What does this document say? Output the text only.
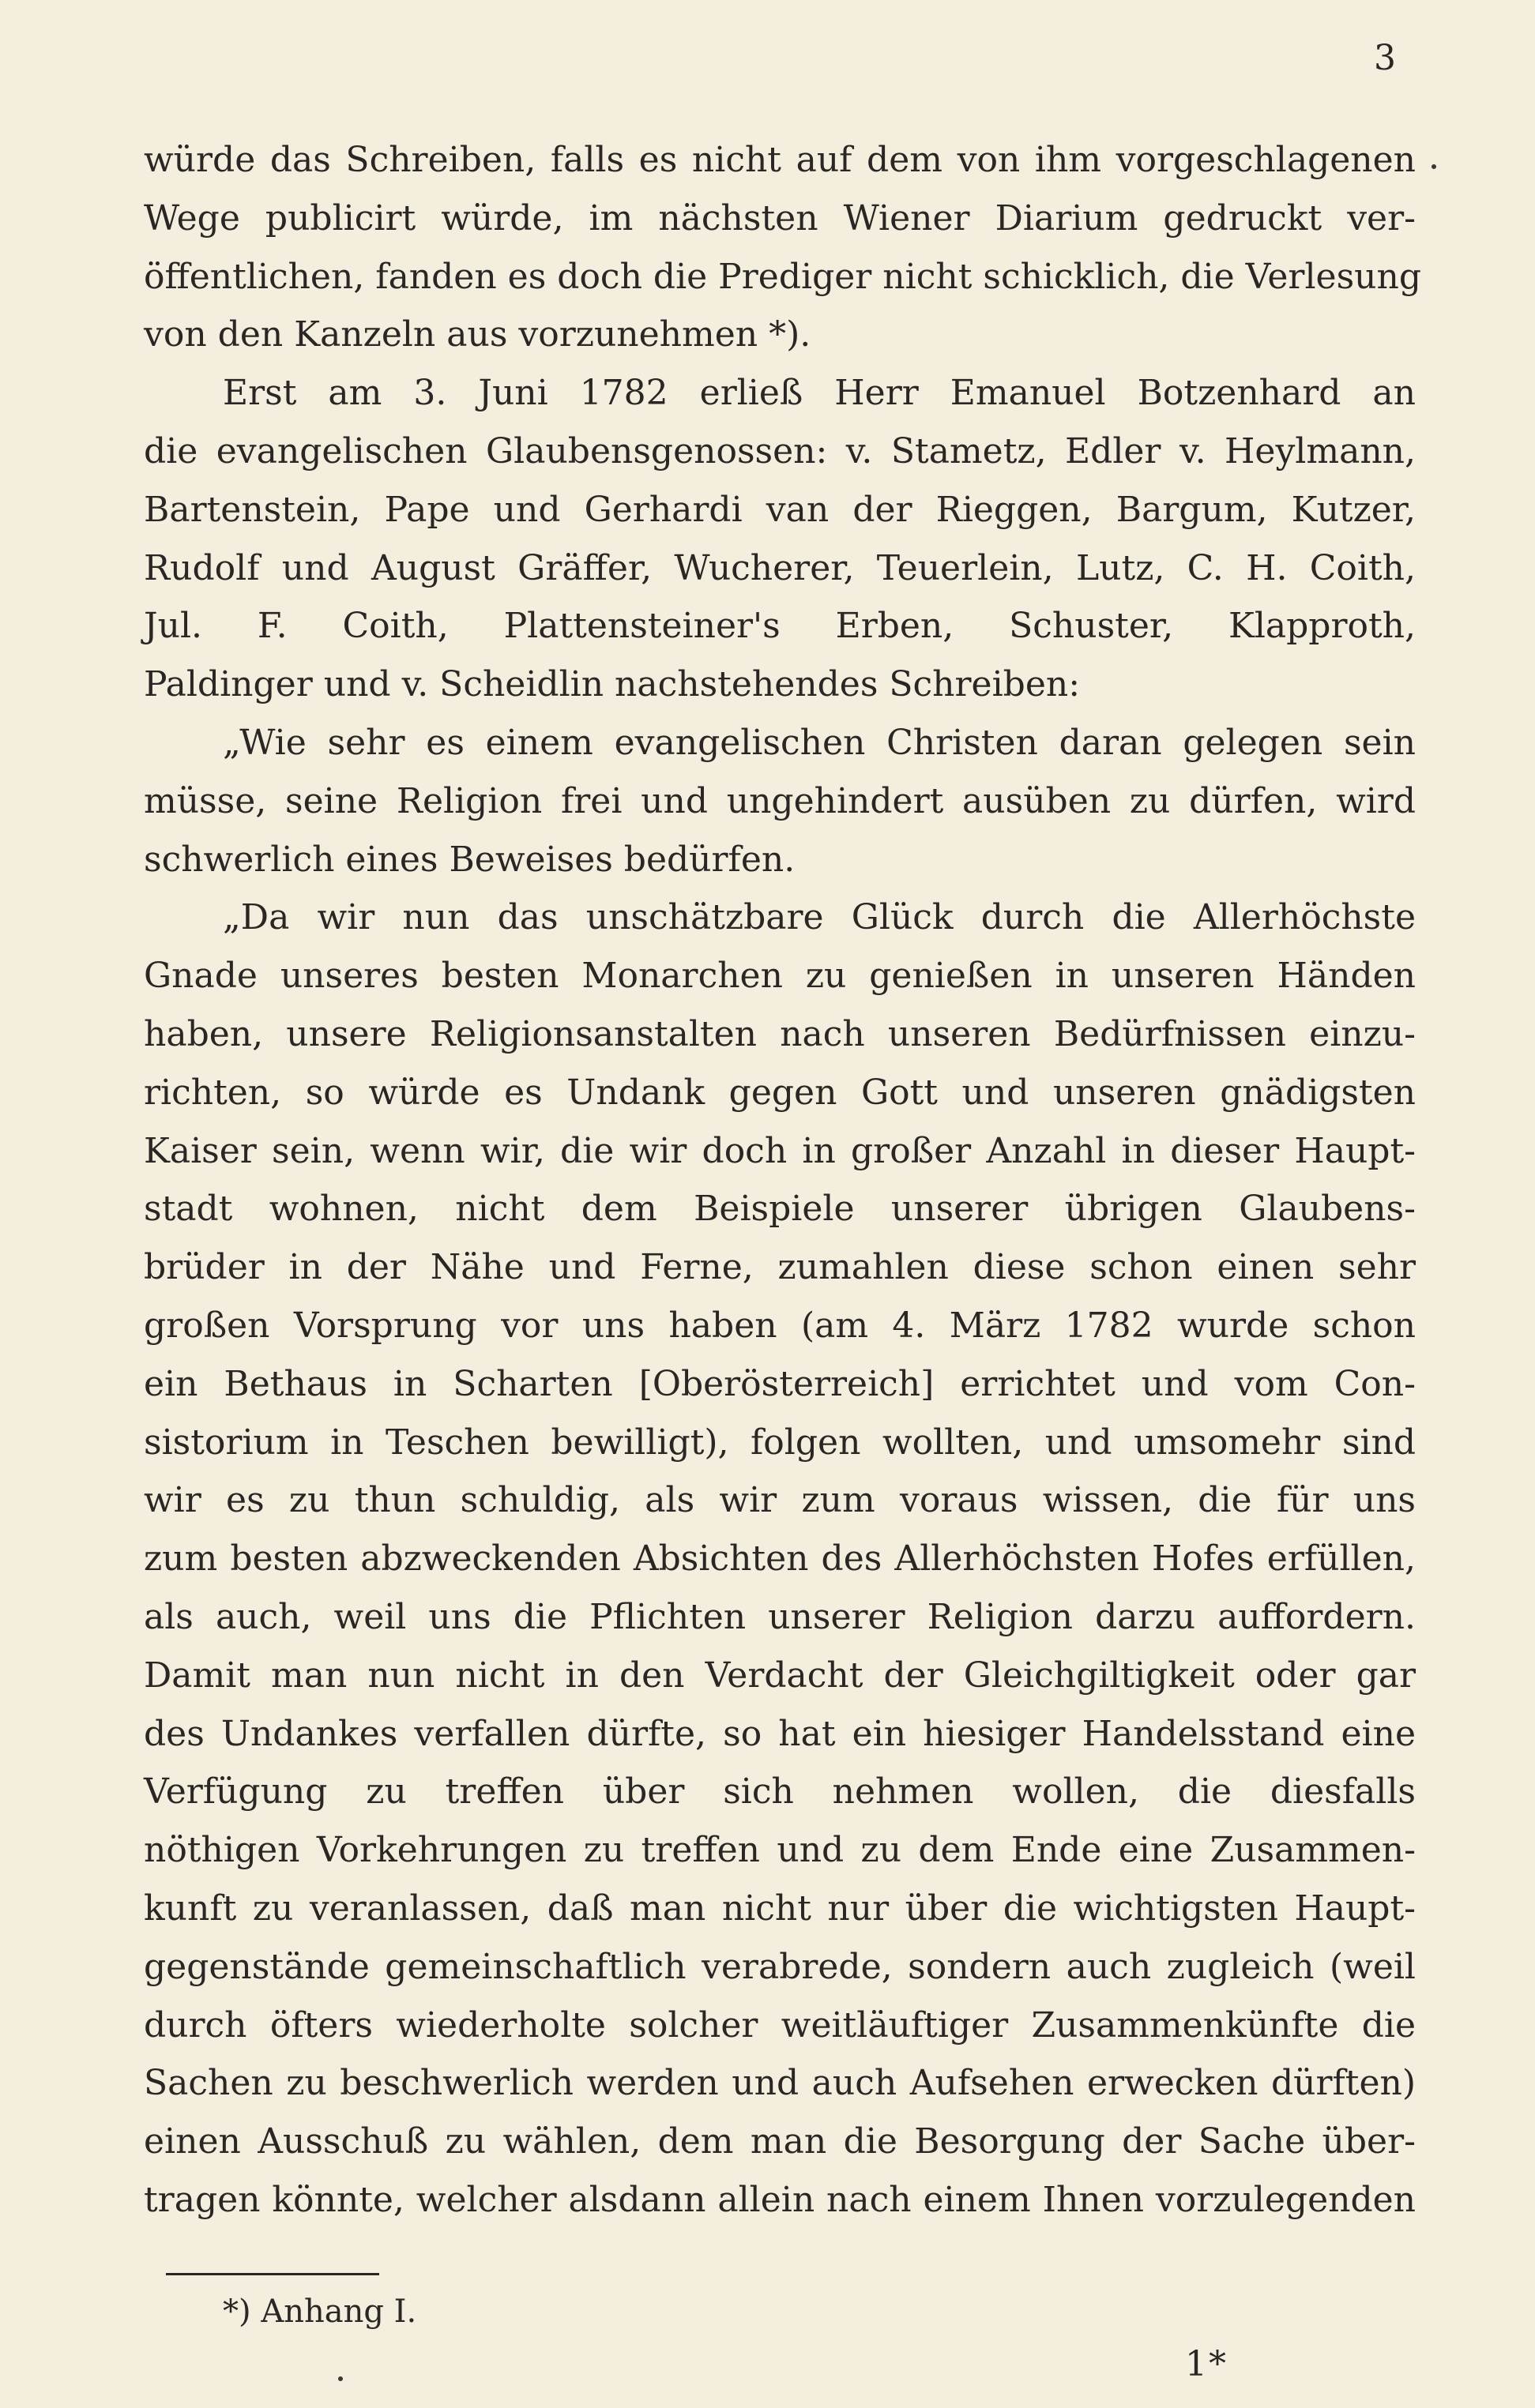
3
würde das Schreiben, falls es nicht auf dem von ihm vorgeschlagenen
Wege publicirt würde, im nächsten Wiener Diarium gedruckt ver-
öffentlichen, fanden es doch die Prediger nicht schicklich, die Verlesung
von den Kanzeln aus vorzunehmen *).
Erst am 3. Juni 1782 erließ Herr Emanuel Botzenhard an
die evangelischen Glaubensgenossen: v. Stametz, Edler v. Heylmann,
Bartenstein, Pape und Gerhardi van der Rieggen, Bargum, Kutzer,
Rudolf und August Gräffer, Wucherer, Teuerlein, Lutz, C. H. Coith,
Jul. F. Coith, Plattensteiner's Erben, Schuster, Klapproth,
Paldinger und v. Scheidlin nachstehendes Schreiben:
„Wie sehr es einem evangelischen Christen daran gelegen sein
müsse, seine Religion frei und ungehindert ausüben zu dürfen, wird
schwerlich eines Beweises bedürfen.
„Da wir nun das unschätzbare Glück durch die Allerhöchste
Gnade unseres besten Monarchen zu genießen in unseren Händen
haben, unsere Religionsanstalten nach unseren Bedürfnissen einzu-
richten, so würde es Undank gegen Gott und unseren gnädigsten
Kaiser sein, wenn wir, die wir doch in großer Anzahl in dieser Haupt-
stadt wohnen, nicht dem Beispiele unserer übrigen Glaubens-
brüder in der Nähe und Ferne, zumahlen diese schon einen sehr
großen Vorsprung vor uns haben (am 4. März 1782 wurde schon
ein Bethaus in Scharten [Oberösterreich] errichtet und vom Con-
sistorium in Teschen bewilligt), folgen wollten, und umsomehr sind
wir es zu thun schuldig, als wir zum voraus wissen, die für uns
zum besten abzweckenden Absichten des Allerhöchsten Hofes erfüllen,
als auch, weil uns die Pflichten unserer Religion darzu auffordern.
Damit man nun nicht in den Verdacht der Gleichgiltigkeit oder gar
des Undankes verfallen dürfte, so hat ein hiesiger Handelsstand eine
Verfügung zu treffen über sich nehmen wollen, die diesfalls
nöthigen Vorkehrungen zu treffen und zu dem Ende eine Zusammen-
kunft zu veranlassen, daß man nicht nur über die wichtigsten Haupt-
gegenstände gemeinschaftlich verabrede, sondern auch zugleich (weil
durch öfters wiederholte solcher weitläuftiger Zusammenkünfte die
Sachen zu beschwerlich werden und auch Aufsehen erwecken dürften)
einen Ausschuß zu wählen, dem man die Besorgung der Sache über-
tragen könnte, welcher alsdann allein nach einem Ihnen vorzulegenden
*) Anhang I.
1*
